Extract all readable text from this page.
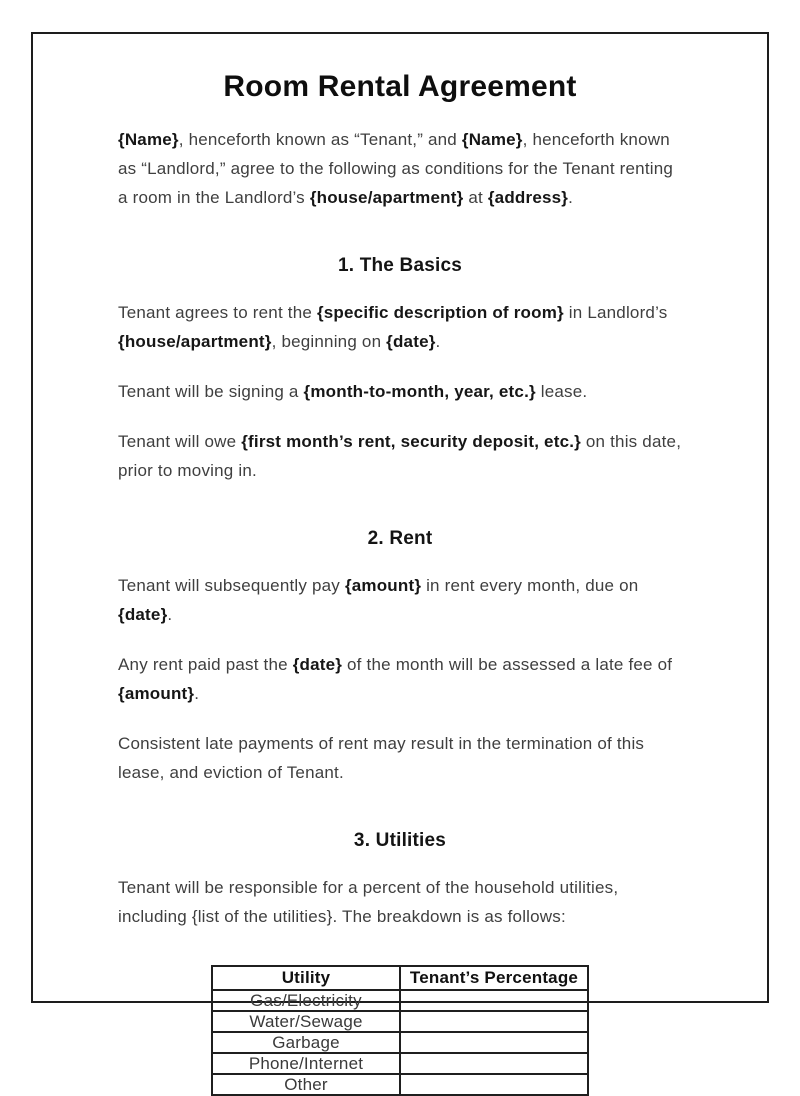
Room Rental Agreement

{Name}, henceforth known as “Tenant,” and {Name}, henceforth known as “Landlord,” agree to the following as conditions for the Tenant renting a room in the Landlord’s {house/apartment} at {address}.

1. The Basics

Tenant agrees to rent the {specific description of room} in Landlord’s {house/apartment}, beginning on {date}.

Tenant will be signing a {month-to-month, year, etc.} lease.

Tenant will owe {first month’s rent, security deposit, etc.} on this date, prior to moving in.

2. Rent

Tenant will subsequently pay {amount} in rent every month, due on {date}.

Any rent paid past the {date} of the month will be assessed a late fee of {amount}.

Consistent late payments of rent may result in the termination of this lease, and eviction of Tenant.

3. Utilities

Tenant will be responsible for a percent of the household utilities, including {list of the utilities}. The breakdown is as follows:

Utility	Tenant’s Percentage
Gas/Electricity	
Water/Sewage	
Garbage	
Phone/Internet	
Other	
